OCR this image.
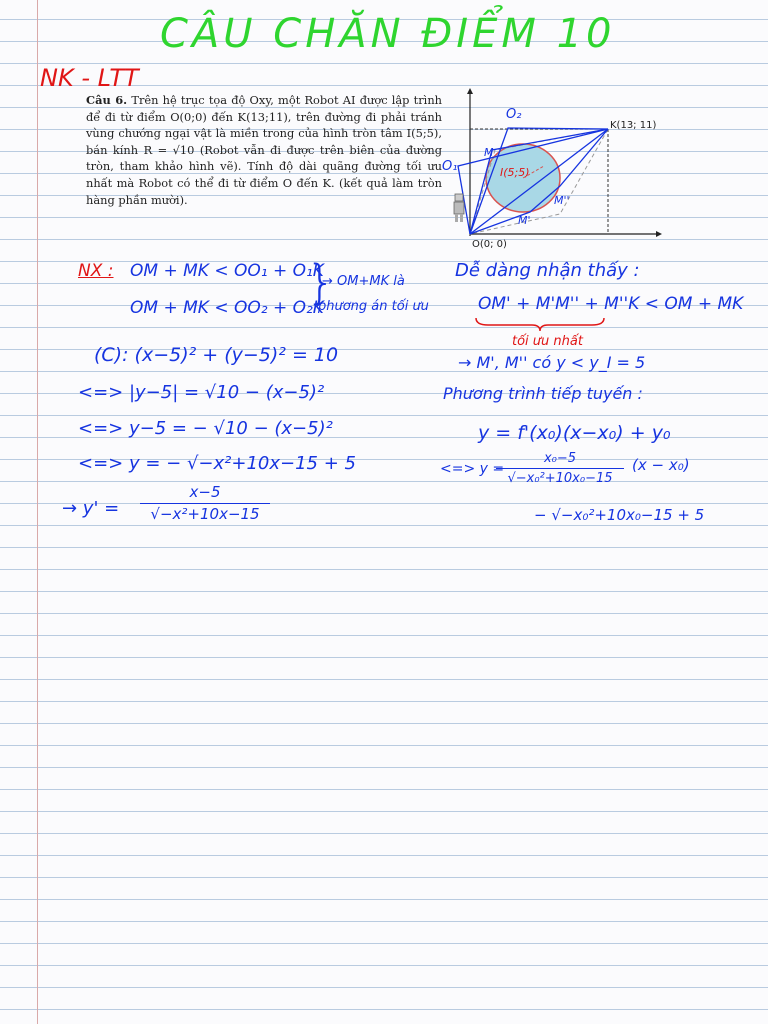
CÂU CHĂN ĐIỂM 10
NK - LTT
Câu 6. Trên hệ trục tọa độ Oxy, một Robot AI được lập trình để đi từ điểm O(0;0) đến K(13;11), trên đường đi phải tránh vùng chướng ngại vật là miền trong của hình tròn tâm I(5;5), bán kính R = √10 (Robot vẫn đi được trên biên của đường tròn, tham khảo hình vẽ). Tính độ dài quãng đường tối ưu nhất mà Robot có thể đi từ điểm O đến K. (kết quả làm tròn hàng phần mười).
K(13; 11)
O(0; 0)
I(5;5)
O₂
O₁
M
M''
M'
NX : OM + MK < OO₁ + O₁K
OM + MK < OO₂ + O₂K
}
→ OM+MK là
phương án tối ưu
(C): (x−5)² + (y−5)² = 10
<=> |y−5| = √10 − (x−5)²
<=> y−5 = − √10 − (x−5)²
<=> y = − √−x²+10x−15 + 5
→ $y' = \frac{x-5}{\text{√−x²+10x−15}}$
Dễ dàng nhận thấy :
OM' + M'M'' + M''K < OM + MK
tối ưu nhất
→ M', M'' có y < y_I = 5
Phương trình tiếp tuyến :
y = f'(x₀)(x−x₀) + y₀
<=> y =
$\frac{\text{x₀−5}}{\text{√−x₀²+10x₀−15}} (x - x_0)$
− √−x₀²+10x₀−15 + 5
